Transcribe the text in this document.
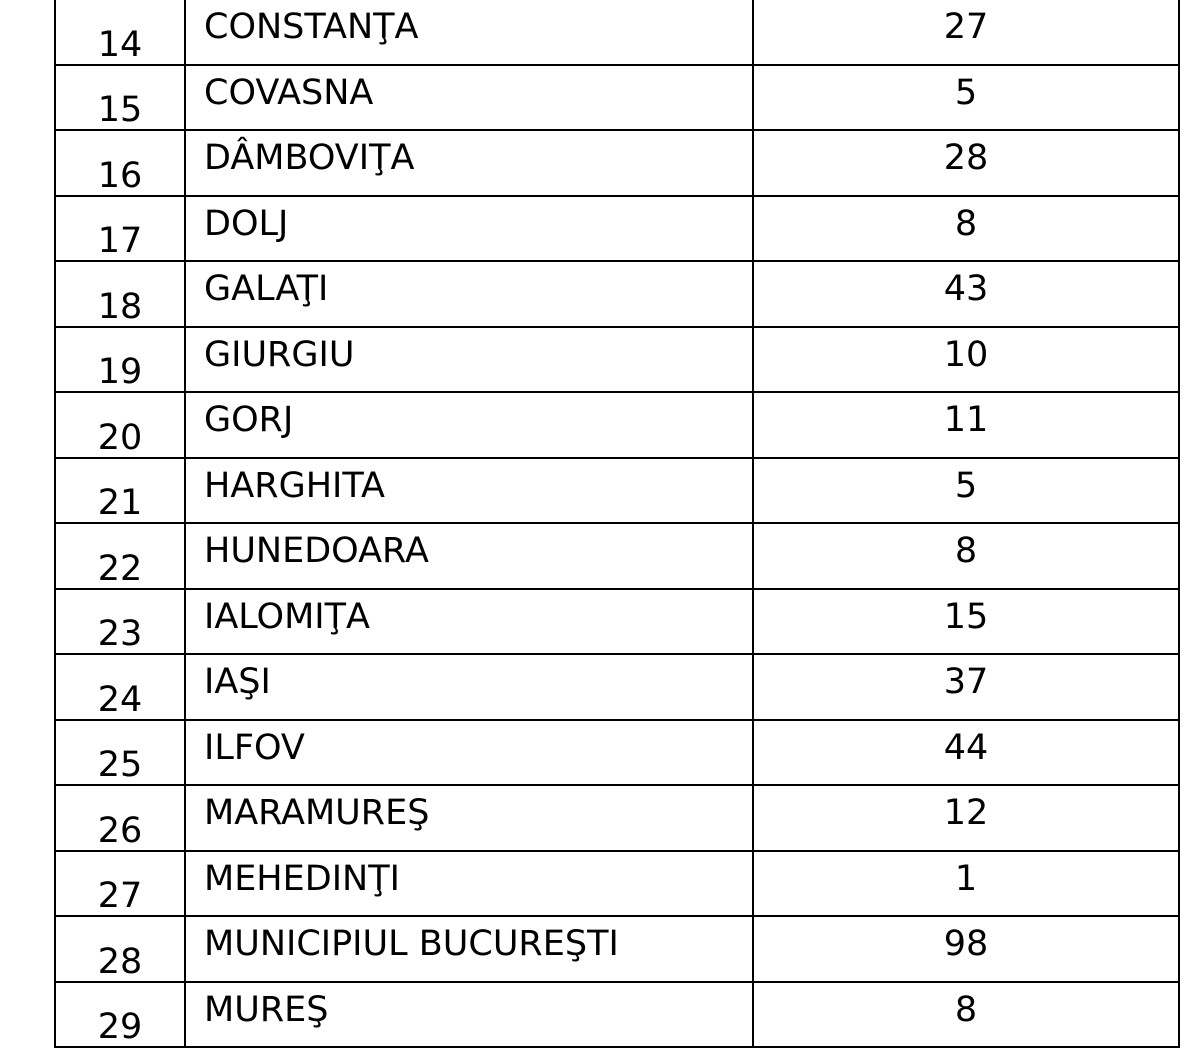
14	CONSTANŢA	27
15	COVASNA	5
16	DÂMBOVIŢA	28
17	DOLJ	8
18	GALAŢI	43
19	GIURGIU	10
20	GORJ	11
21	HARGHITA	5
22	HUNEDOARA	8
23	IALOMIŢA	15
24	IAŞI	37
25	ILFOV	44
26	MARAMUREŞ	12
27	MEHEDINŢI	1
28	MUNICIPIUL BUCUREŞTI	98
29	MUREŞ	8
